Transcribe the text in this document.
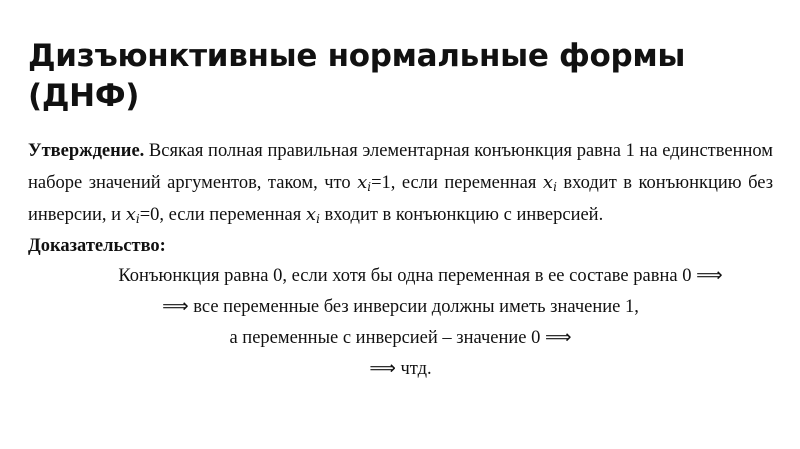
Дизъюнктивные нормальные формы (ДНФ)

Утверждение. Всякая полная правильная элементарная конъюнкция равна 1 на единственном наборе значений аргументов, таком, что $x_i=1$, если переменная $x_i$ входит в конъюнкцию без инверсии, и $x_i=0$, если переменная $x_i$ входит в конъюнкцию с инверсией.

Доказательство:

Конъюнкция равна 0, если хотя бы одна переменная в ее составе равна 0 ⟹

⟹ все переменные без инверсии должны иметь значение 1,

а переменные с инверсией – значение 0 ⟹

⟹ чтд.
